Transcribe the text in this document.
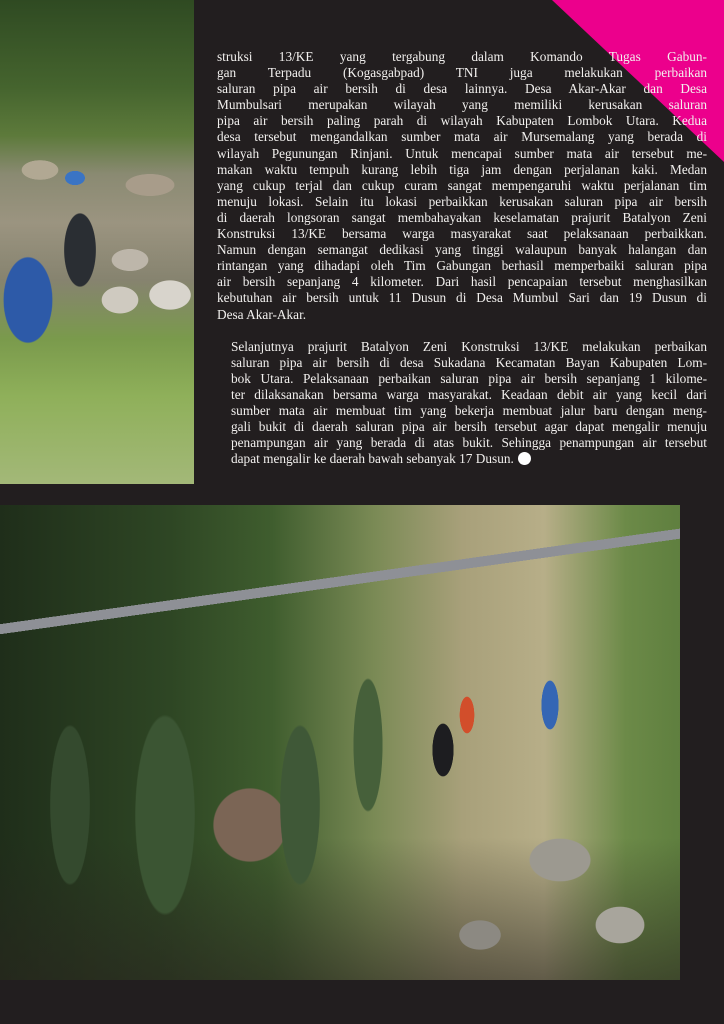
struksi 13/KE yang tergabung dalam Komando Tugas Gabun-
gan Terpadu (Kogasgabpad) TNI juga melakukan perbaikan
saluran pipa air bersih di desa lainnya. Desa Akar-Akar dan Desa
Mumbulsari merupakan wilayah yang memiliki kerusakan saluran
pipa air bersih paling parah di wilayah Kabupaten Lombok Utara. Kedua
desa tersebut mengandalkan sumber mata air Mursemalang yang berada di
wilayah Pegunungan Rinjani. Untuk mencapai sumber mata air tersebut me-
makan waktu tempuh kurang lebih tiga jam dengan perjalanan kaki. Medan
yang cukup terjal dan cukup curam sangat mempengaruhi waktu perjalanan tim
menuju lokasi. Selain itu lokasi perbaikkan kerusakan saluran pipa air bersih
di daerah longsoran sangat membahayakan keselamatan prajurit Batalyon Zeni
Konstruksi 13/KE bersama warga masyarakat saat pelaksanaan perbaikkan.
Namun dengan semangat dedikasi yang tinggi walaupun banyak halangan dan
rintangan yang dihadapi oleh Tim Gabungan berhasil memperbaiki saluran pipa
air bersih sepanjang 4 kilometer. Dari hasil pencapaian tersebut menghasilkan
kebutuhan air bersih untuk 11 Dusun di Desa Mumbul Sari dan 19 Dusun di
Desa Akar-Akar.

Selanjutnya prajurit Batalyon Zeni Konstruksi 13/KE melakukan perbaikan
saluran pipa air bersih di desa Sukadana Kecamatan Bayan Kabupaten Lom-
bok Utara. Pelaksanaan perbaikan saluran pipa air bersih sepanjang 1 kilome-
ter dilaksanakan bersama warga masyarakat. Keadaan debit air yang kecil dari
sumber mata air membuat tim yang bekerja membuat jalur baru dengan meng-
gali bukit di daerah saluran pipa air bersih tersebut agar dapat mengalir menuju
penampungan air yang berada di atas bukit. Sehingga penampungan air tersebut
dapat mengalir ke daerah bawah sebanyak 17 Dusun.
